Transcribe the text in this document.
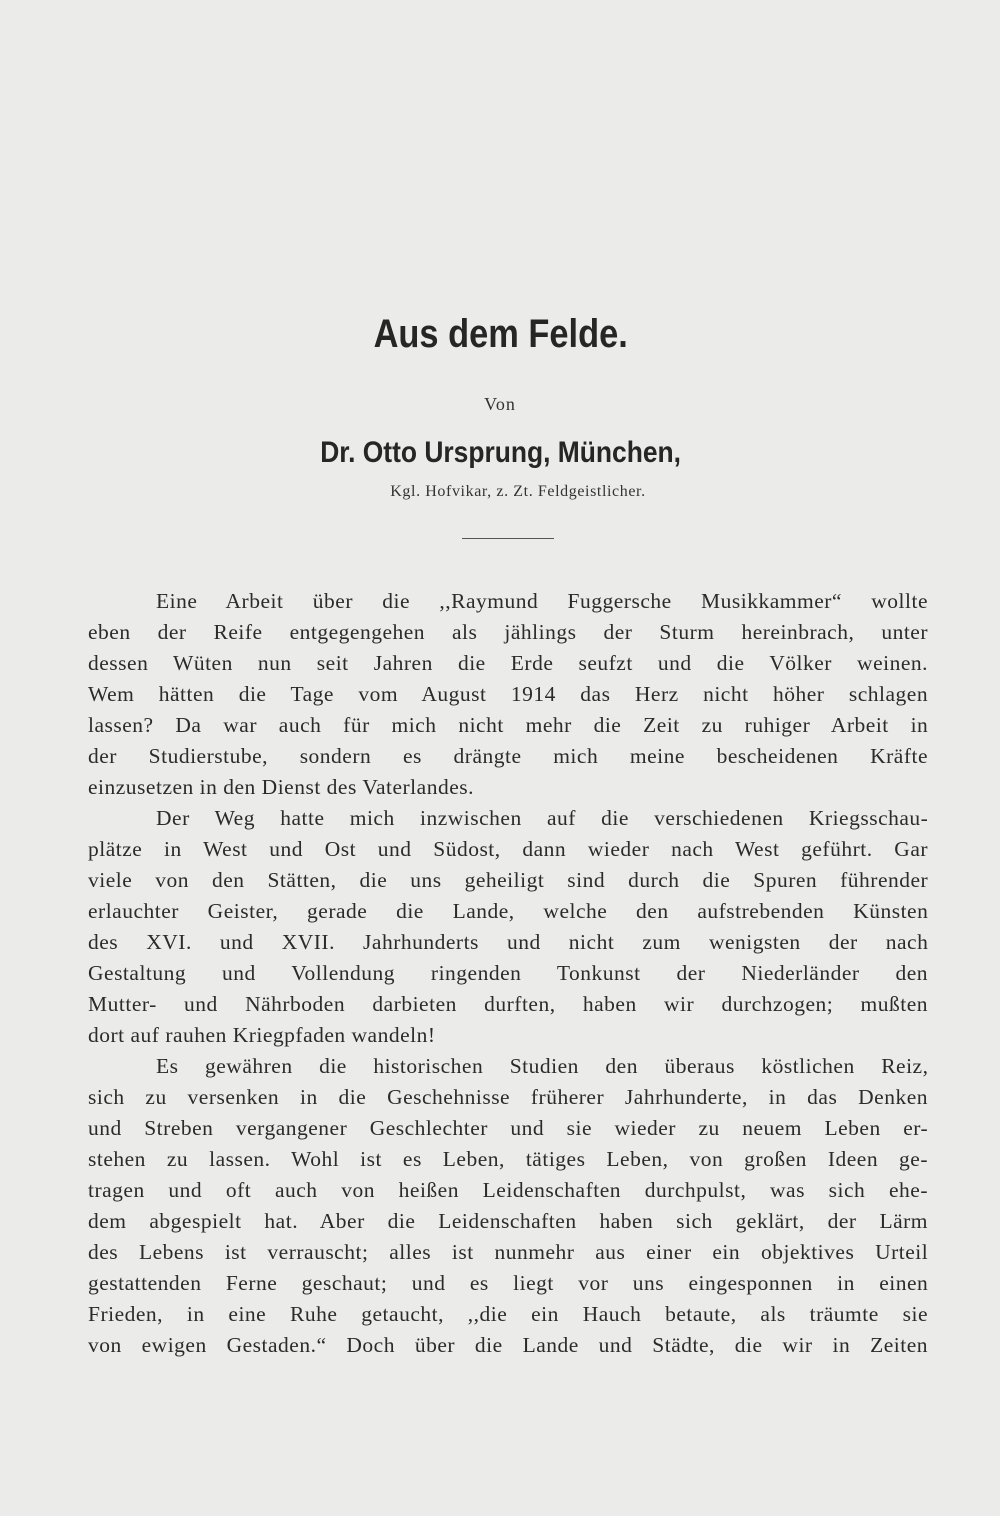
Aus dem Felde.
Von
Dr. Otto Ursprung, München,
Kgl. Hofvikar, z. Zt. Feldgeistlicher.
Eine Arbeit über die ,,Raymund Fuggersche Musikkammer“ wollte
eben der Reife entgegengehen als jählings der Sturm hereinbrach, unter
dessen Wüten nun seit Jahren die Erde seufzt und die Völker weinen.
Wem hätten die Tage vom August 1914 das Herz nicht höher schlagen
lassen? Da war auch für mich nicht mehr die Zeit zu ruhiger Arbeit in
der Studierstube, sondern es drängte mich meine bescheidenen Kräfte
einzusetzen in den Dienst des Vaterlandes.
Der Weg hatte mich inzwischen auf die verschiedenen Kriegsschau-
plätze in West und Ost und Südost, dann wieder nach West geführt. Gar
viele von den Stätten, die uns geheiligt sind durch die Spuren führender
erlauchter Geister, gerade die Lande, welche den aufstrebenden Künsten
des XVI. und XVII. Jahrhunderts und nicht zum wenigsten der nach
Gestaltung und Vollendung ringenden Tonkunst der Niederländer den
Mutter- und Nährboden darbieten durften, haben wir durchzogen; mußten
dort auf rauhen Kriegpfaden wandeln!
Es gewähren die historischen Studien den überaus köstlichen Reiz,
sich zu versenken in die Geschehnisse früherer Jahrhunderte, in das Denken
und Streben vergangener Geschlechter und sie wieder zu neuem Leben er-
stehen zu lassen. Wohl ist es Leben, tätiges Leben, von großen Ideen ge-
tragen und oft auch von heißen Leidenschaften durchpulst, was sich ehe-
dem abgespielt hat. Aber die Leidenschaften haben sich geklärt, der Lärm
des Lebens ist verrauscht; alles ist nunmehr aus einer ein objektives Urteil
gestattenden Ferne geschaut; und es liegt vor uns eingesponnen in einen
Frieden, in eine Ruhe getaucht, ,,die ein Hauch betaute, als träumte sie
von ewigen Gestaden.“ Doch über die Lande und Städte, die wir in Zeiten
